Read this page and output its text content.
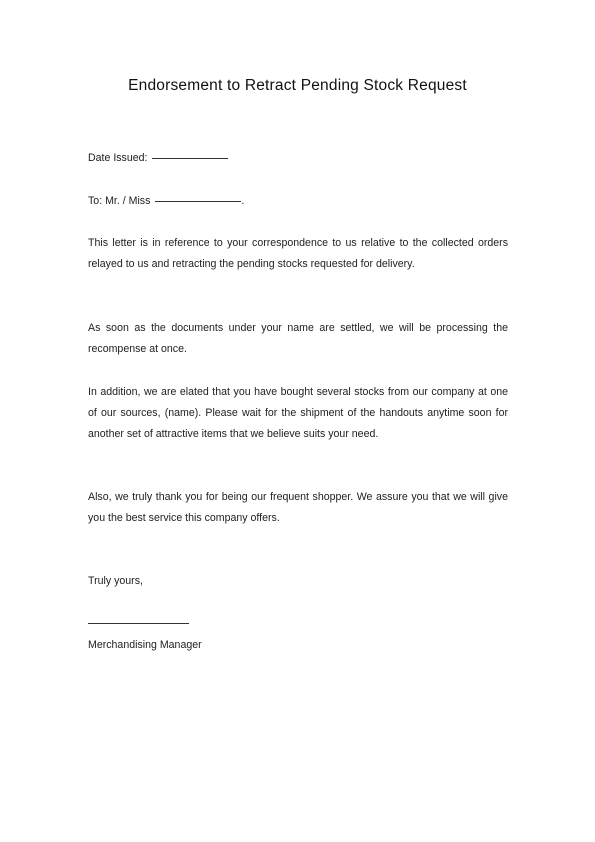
Endorsement to Retract Pending Stock Request
Date Issued:
To: Mr. / Miss	.
This letter is in reference to your correspondence to us relative to the collected orders relayed to us and retracting the pending stocks requested for delivery.
As soon as the documents under your name are settled, we will be processing the recompense at once.
In addition, we are elated that you have bought several stocks from our company at one of our sources, (name). Please wait for the shipment of the handouts anytime soon for another set of attractive items that we believe suits your need.
Also, we truly thank you for being our frequent shopper. We assure you that we will give you the best service this company offers.
Truly yours,
Merchandising Manager
